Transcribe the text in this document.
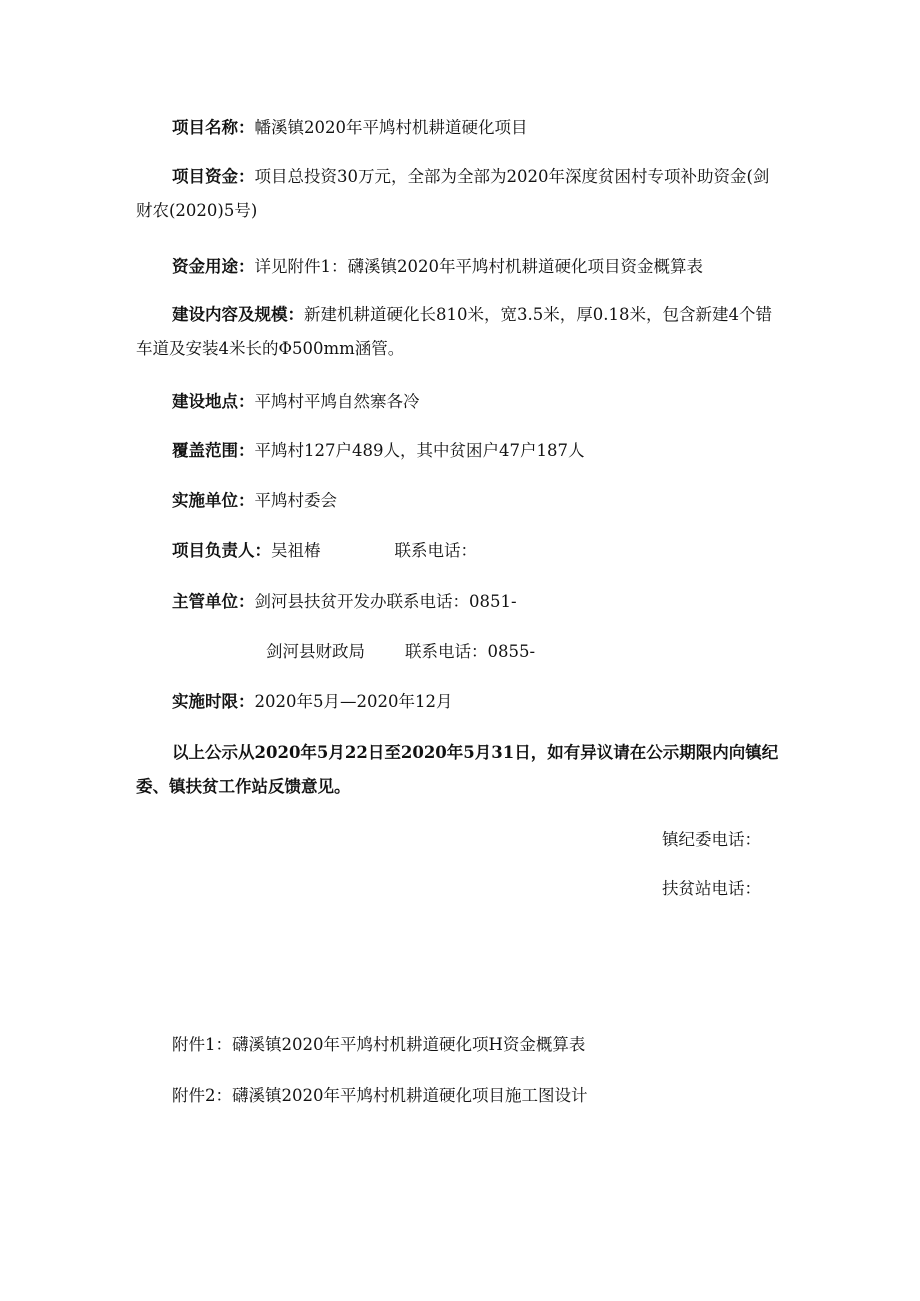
项目名称：幡溪镇2020年平鸠村机耕道硬化项目
项目资金：项目总投资30万元，全部为全部为2020年深度贫困村专项补助资金(剑财农(2020)5号)
资金用途：详见附件1：礴溪镇2020年平鸠村机耕道硬化项目资金概算表
建设内容及规模：新建机耕道硬化长810米，宽3.5米，厚0.18米，包含新建4个错车道及安装4米长的Φ500mm涵管。
建设地点：平鸠村平鸠自然寨各冷
覆盖范围：平鸠村127户489人，其中贫困户47户187人
实施单位：平鸠村委会
项目负责人：吴祖椿	联系电话：
主管单位：剑河县扶贫开发办联系电话：0851-
剑河县财政局 联系电话：0855-
实施时限：2020年5月—2020年12月
以上公示从2020年5月22日至2020年5月31日，如有异议请在公示期限内向镇纪委、镇扶贫工作站反馈意见。
镇纪委电话：
扶贫站电话：
附件1：礴溪镇2020年平鸠村机耕道硬化项H资金概算表
附件2：礴溪镇2020年平鸠村机耕道硬化项目施工图设计
